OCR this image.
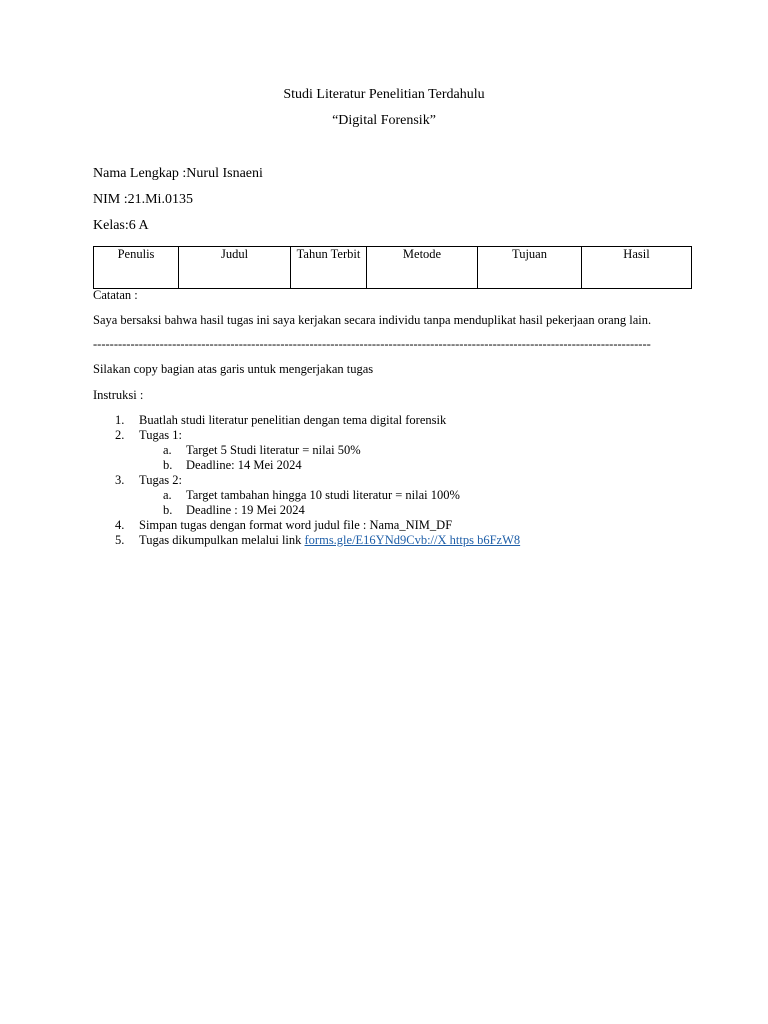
Studi Literatur Penelitian Terdahulu
“Digital Forensik”
Nama Lengkap :Nurul Isnaeni
NIM :21.Mi.0135
Kelas:6 A
Penulis	Judul	Tahun Terbit	Metode	Tujuan	Hasil
Catatan :
Saya bersaksi bahwa hasil tugas ini saya kerjakan secara individu tanpa menduplikat hasil pekerjaan orang lain.
--------------------------------------------------------------------------------------------------------------------------------------
Silakan copy bagian atas garis untuk mengerjakan tugas
Instruksi :
1. Buatlah studi literatur penelitian dengan tema digital forensik
2. Tugas 1:
a. Target 5 Studi literatur = nilai 50%
b. Deadline: 14 Mei 2024
3. Tugas 2:
a. Target tambahan hingga 10 studi literatur = nilai 100%
b. Deadline : 19 Mei 2024
4. Simpan tugas dengan format word judul file : Nama_NIM_DF
5. Tugas dikumpulkan melalui link forms.gle/E16YNd9Cvb://X https b6FzW8
